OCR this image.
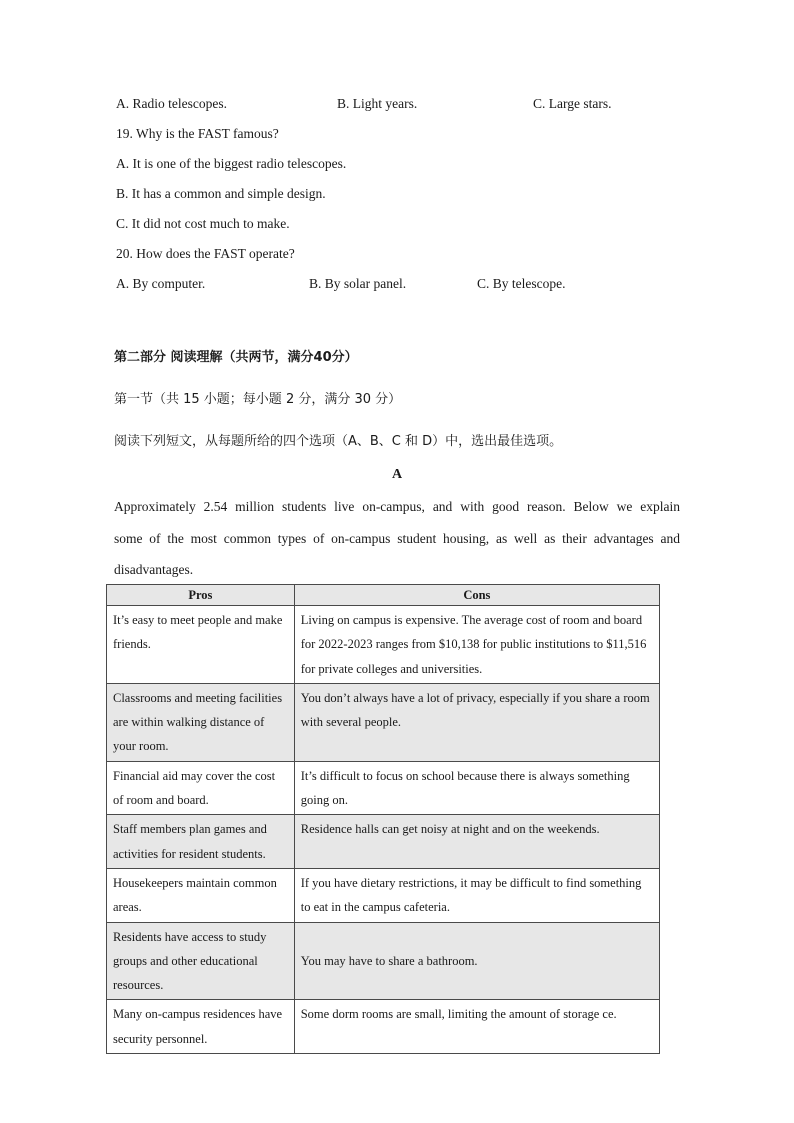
A. Radio telescopes.	B. Light years.	C. Large stars.
19. Why is the FAST famous?
A. It is one of the biggest radio telescopes.
B. It has a common and simple design.
C. It did not cost much to make.
20. How does the FAST operate?
A. By computer.	B. By solar panel.	C. By telescope.
第二部分 阅读理解（共两节，满分40分）
第一节（共 15 小题；每小题 2 分，满分 30 分）
阅读下列短文，从每题所给的四个选项（A、B、C 和 D）中，选出最佳选项。
A
Approximately 2.54 million students live on-campus, and with good reason. Below we explain some of the most common types of on-campus student housing, as well as their advantages and disadvantages.
Pros	Cons
It’s easy to meet people and make friends.	Living on campus is expensive. The average cost of room and board for 2022-2023 ranges from $10,138 for public institutions to $11,516 for private colleges and universities.
Classrooms and meeting facilities are within walking distance of your room.	You don’t always have a lot of privacy, especially if you share a room with several people.
Financial aid may cover the cost of room and board.	It’s difficult to focus on school because there is always something going on.
Staff members plan games and activities for resident students.	Residence halls can get noisy at night and on the weekends.
Housekeepers maintain common areas.	If you have dietary restrictions, it may be difficult to find something to eat in the campus cafeteria.
Residents have access to study groups and other educational resources.	You may have to share a bathroom.
Many on-campus residences have security personnel.	Some dorm rooms are small, limiting the amount of storage ce.
